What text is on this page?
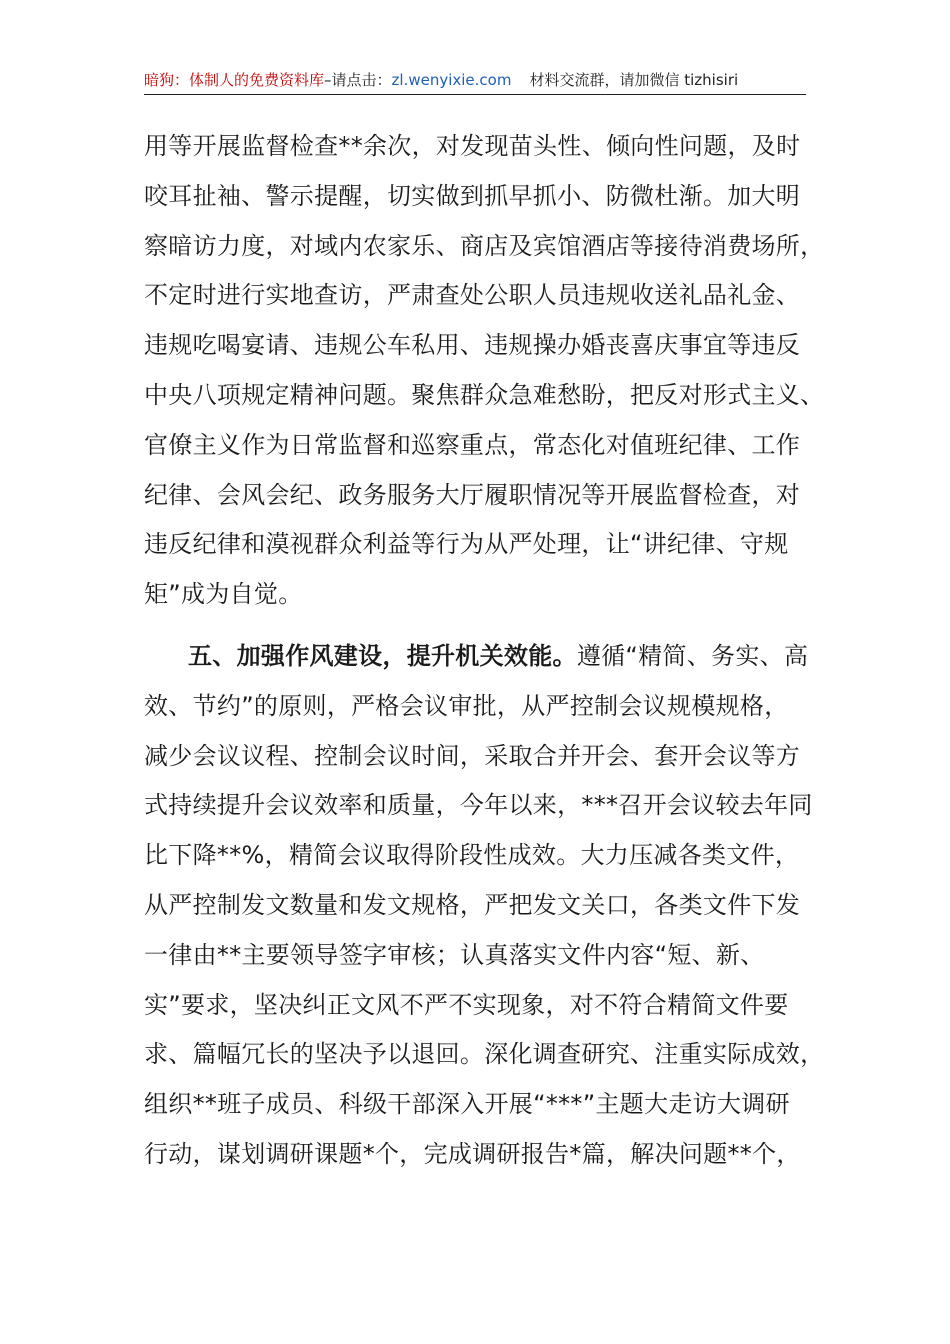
暗狗：体制人的免费资料库–请点击：zl.wenyixie.com 材料交流群，请加微信 tizhisiri

用等开展监督检查**余次，对发现苗头性、倾向性问题，及时
咬耳扯袖、警示提醒，切实做到抓早抓小、防微杜渐。加大明
察暗访力度，对域内农家乐、商店及宾馆酒店等接待消费场所，
不定时进行实地查访，严肃查处公职人员违规收送礼品礼金、
违规吃喝宴请、违规公车私用、违规操办婚丧喜庆事宜等违反
中央八项规定精神问题。聚焦群众急难愁盼，把反对形式主义、
官僚主义作为日常监督和巡察重点，常态化对值班纪律、工作
纪律、会风会纪、政务服务大厅履职情况等开展监督检查，对
违反纪律和漠视群众利益等行为从严处理，让“讲纪律、守规
矩”成为自觉。

五、加强作风建设，提升机关效能。遵循“精简、务实、高
效、节约”的原则，严格会议审批，从严控制会议规模规格，
减少会议议程、控制会议时间，采取合并开会、套开会议等方
式持续提升会议效率和质量，今年以来，***召开会议较去年同
比下降**%，精简会议取得阶段性成效。大力压减各类文件，
从严控制发文数量和发文规格，严把发文关口，各类文件下发
一律由**主要领导签字审核；认真落实文件内容“短、新、
实”要求，坚决纠正文风不严不实现象，对不符合精简文件要
求、篇幅冗长的坚决予以退回。深化调查研究、注重实际成效，
组织**班子成员、科级干部深入开展“***”主题大走访大调研
行动，谋划调研课题*个，完成调研报告*篇，解决问题**个，
